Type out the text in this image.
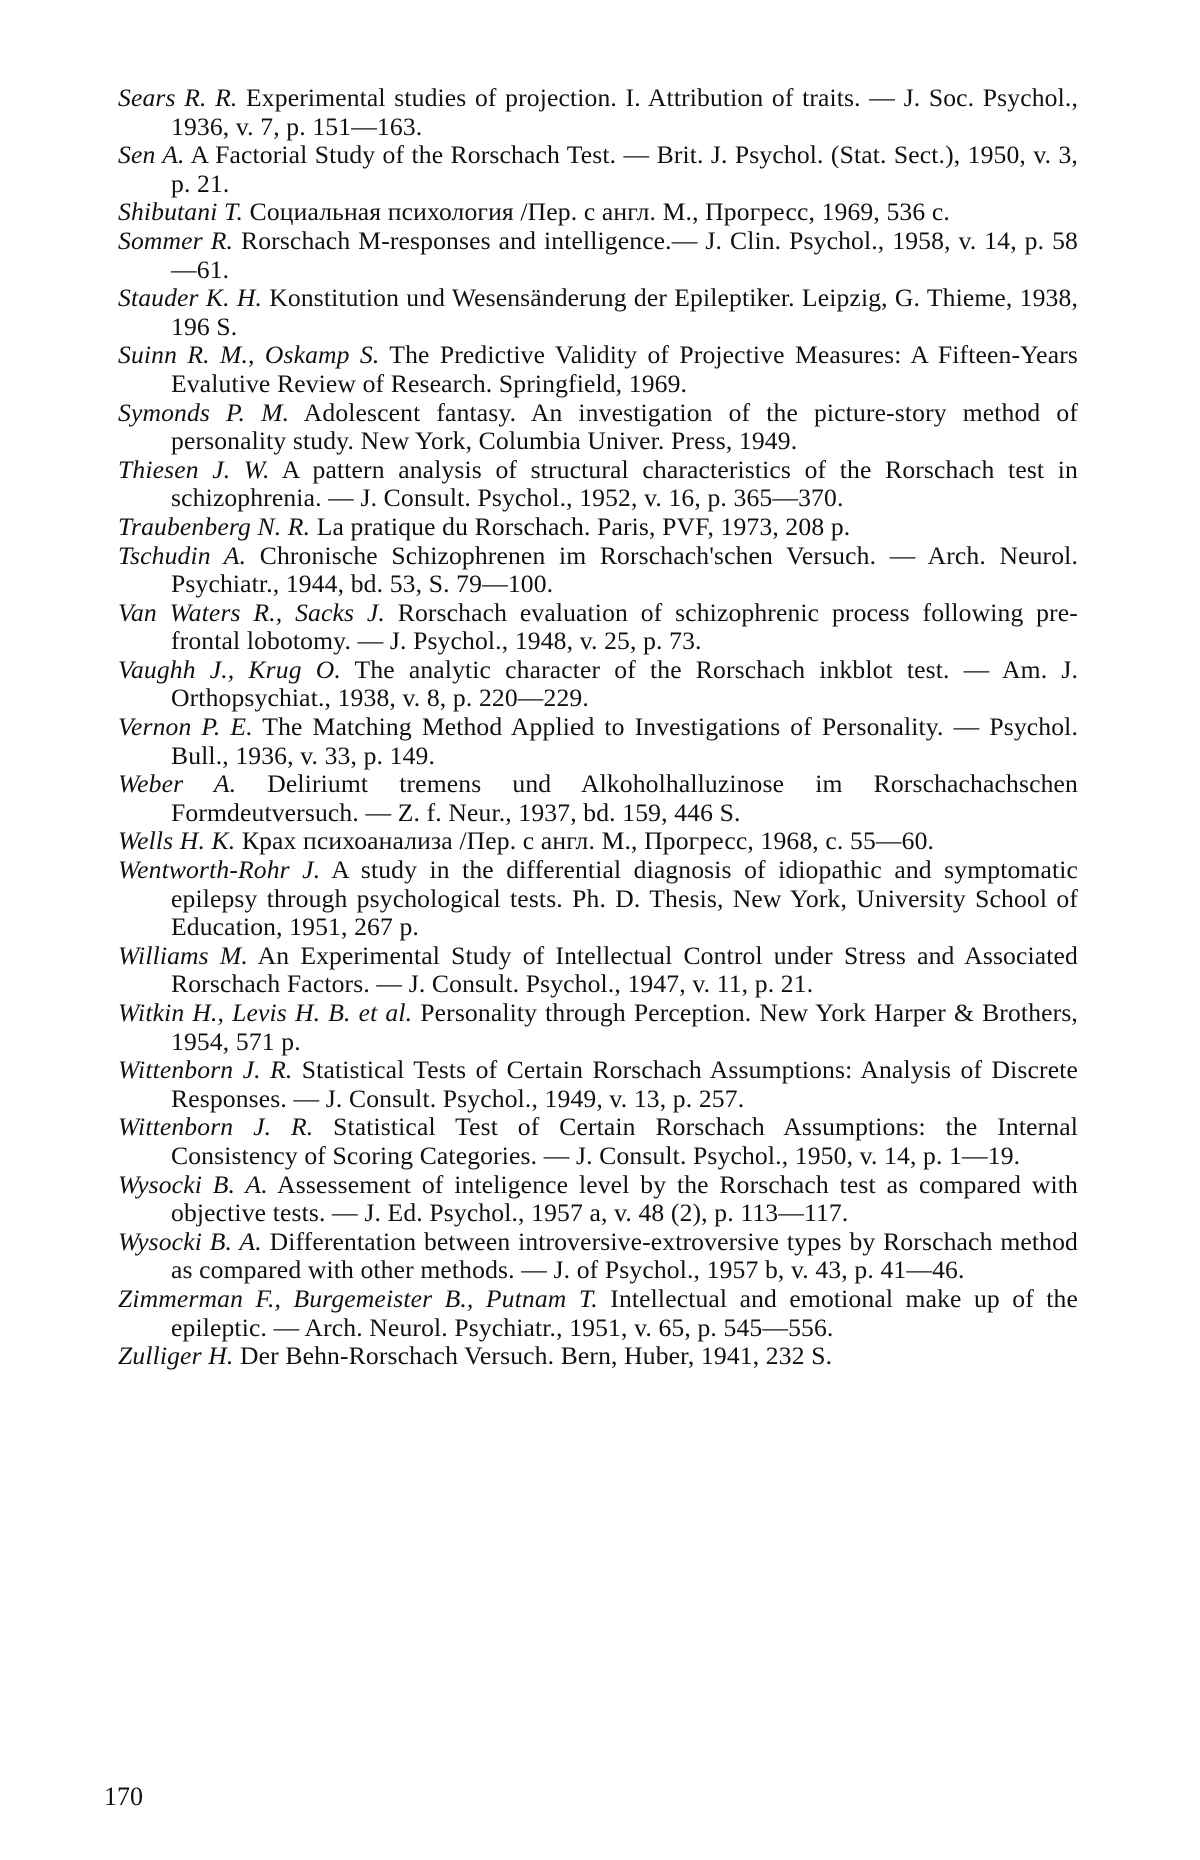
Sears R. R. Experimental studies of projection. I. Attribution of traits. — J. Soc. Psychol., 1936, v. 7, p. 151—163.

Sen A. A Factorial Study of the Rorschach Test. — Brit. J. Psychol. (Stat. Sect.), 1950, v. 3, p. 21.

Shibutani T. Социальная психология /Пер. с англ. М., Прогресс, 1969, 536 с.

Sommer R. Rorschach M-responses and intelligence.— J. Clin. Psychol., 1958, v. 14, p. 58—61.

Stauder K. H. Konstitution und Wesensänderung der Epileptiker. Leipzig, G. Thieme, 1938, 196 S.

Suinn R. M., Oskamp S. The Predictive Validity of Projective Measures: A Fifteen-Years Evalutive Review of Research. Springfield, 1969.

Symonds P. M. Adolescent fantasy. An investigation of the picture-story method of personality study. New York, Columbia Univer. Press, 1949.

Thiesen J. W. A pattern analysis of structural characteristics of the Rorschach test in schizophrenia. — J. Consult. Psychol., 1952, v. 16, p. 365—370.

Traubenberg N. R. La pratique du Rorschach. Paris, PVF, 1973, 208 p.

Tschudin A. Chronische Schizophrenen im Rorschach'schen Versuch. — Arch. Neurol. Psychiatr., 1944, bd. 53, S. 79—100.

Van Waters R., Sacks J. Rorschach evaluation of schizophrenic process following pre-frontal lobotomy. — J. Psychol., 1948, v. 25, p. 73.

Vaughh J., Krug O. The analytic character of the Rorschach inkblot test. — Am. J. Orthopsychiat., 1938, v. 8, p. 220—229.

Vernon P. E. The Matching Method Applied to Investigations of Personality. — Psychol. Bull., 1936, v. 33, p. 149.

Weber A. Deliriumt tremens und Alkoholhalluzinose im Rorschachachschen Formdeutversuch. — Z. f. Neur., 1937, bd. 159, 446 S.

Wells H. K. Крах психоанализа /Пер. с англ. М., Прогресс, 1968, с. 55—60.

Wentworth-Rohr J. A study in the differential diagnosis of idiopathic and symptomatic epilepsy through psychological tests. Ph. D. Thesis, New York, University School of Education, 1951, 267 p.

Williams M. An Experimental Study of Intellectual Control under Stress and Associated Rorschach Factors. — J. Consult. Psychol., 1947, v. 11, p. 21.

Witkin H., Levis H. B. et al. Personality through Perception. New York Harper & Brothers, 1954, 571 p.

Wittenborn J. R. Statistical Tests of Certain Rorschach Assumptions: Analysis of Discrete Responses. — J. Consult. Psychol., 1949, v. 13, p. 257.

Wittenborn J. R. Statistical Test of Certain Rorschach Assumptions: the Internal Consistency of Scoring Categories. — J. Consult. Psychol., 1950, v. 14, p. 1—19.

Wysocki B. A. Assessement of inteligence level by the Rorschach test as compared with objective tests. — J. Ed. Psychol., 1957 a, v. 48 (2), p. 113—117.

Wysocki B. A. Differentation between introversive-extroversive types by Rorschach method as compared with other methods. — J. of Psychol., 1957 b, v. 43, p. 41—46.

Zimmerman F., Burgemeister B., Putnam T. Intellectual and emotional make up of the epileptic. — Arch. Neurol. Psychiatr., 1951, v. 65, p. 545—556.

Zulliger H. Der Behn-Rorschach Versuch. Bern, Huber, 1941, 232 S.

170
